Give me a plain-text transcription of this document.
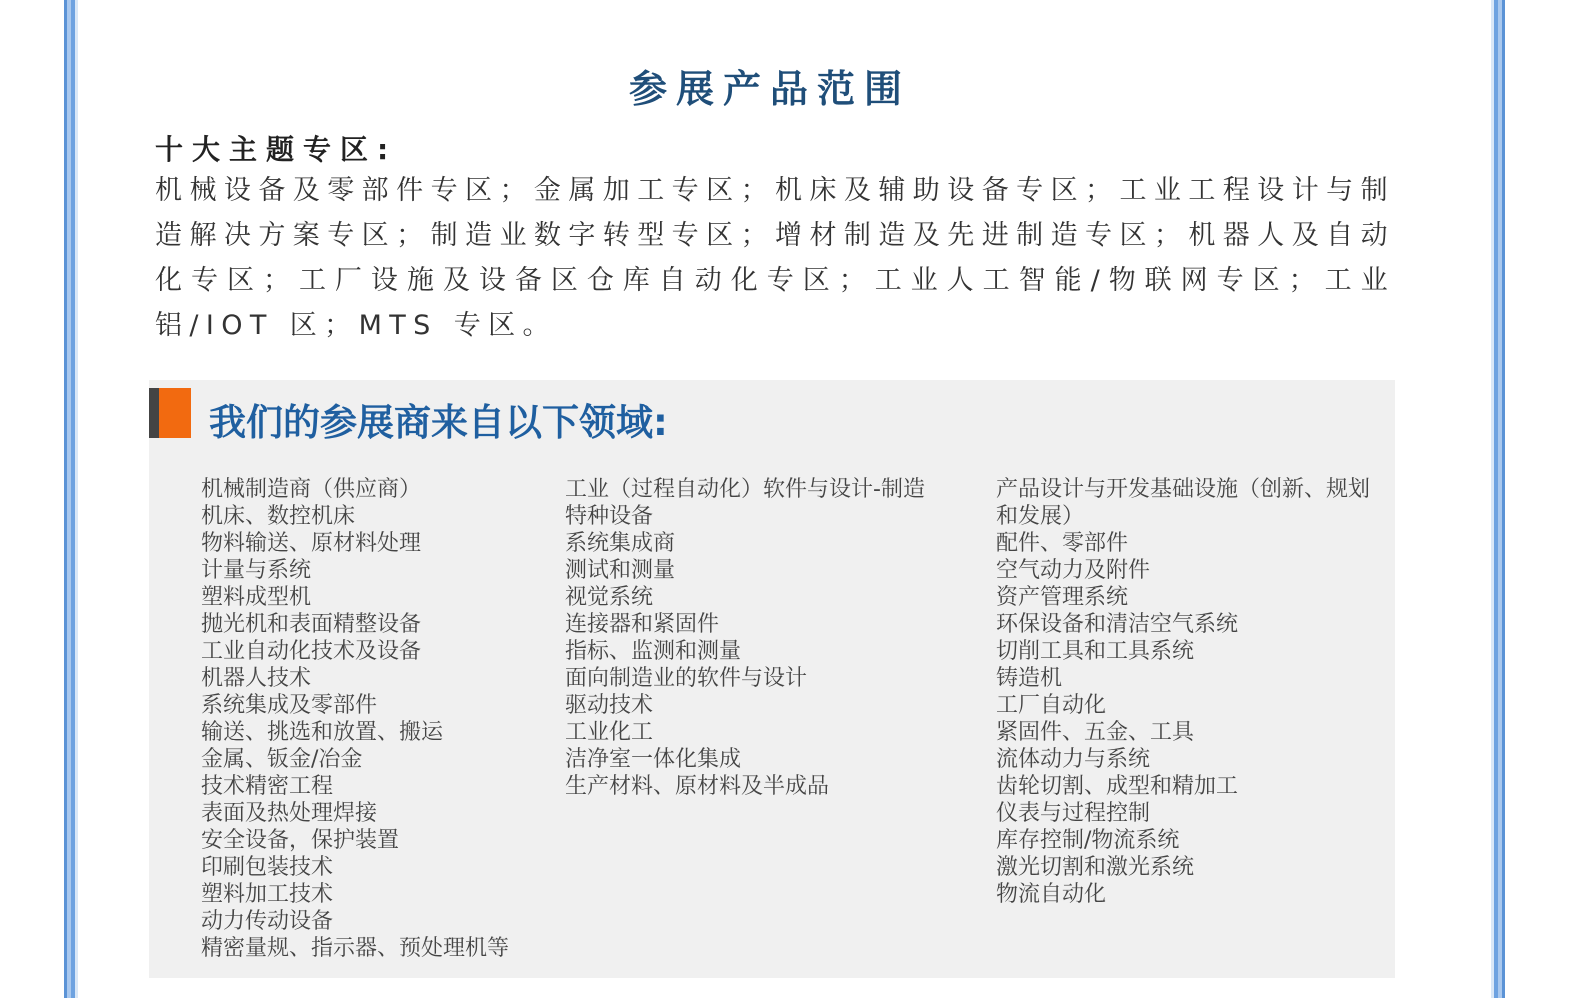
参展产品范围
十大主题专区:
机械设备及零部件专区；金属加工专区；机床及辅助设备专区；工业工程设计与制造解决方案专区；制造业数字转型专区；增材制造及先进制造专区；机器人及自动化专区；工厂设施及设备区仓库自动化专区；工业人工智能/物联网专区；工业铝/IOT 区；MTS 专区。
我们的参展商来自以下领域:
机械制造商（供应商）
机床、数控机床
物料输送、原材料处理
计量与系统
塑料成型机
抛光机和表面精整设备
工业自动化技术及设备
机器人技术
系统集成及零部件
输送、挑选和放置、搬运
金属、钣金/冶金
技术精密工程
表面及热处理焊接
安全设备，保护装置
印刷包装技术
塑料加工技术
动力传动设备
精密量规、指示器、预处理机等
工业（过程自动化）软件与设计-制造
特种设备
系统集成商
测试和测量
视觉系统
连接器和紧固件
指标、监测和测量
面向制造业的软件与设计
驱动技术
工业化工
洁净室一体化集成
生产材料、原材料及半成品
产品设计与开发基础设施（创新、规划和发展）
配件、零部件
空气动力及附件
资产管理系统
环保设备和清洁空气系统
切削工具和工具系统
铸造机
工厂自动化
紧固件、五金、工具
流体动力与系统
齿轮切割、成型和精加工
仪表与过程控制
库存控制/物流系统
激光切割和激光系统
物流自动化
